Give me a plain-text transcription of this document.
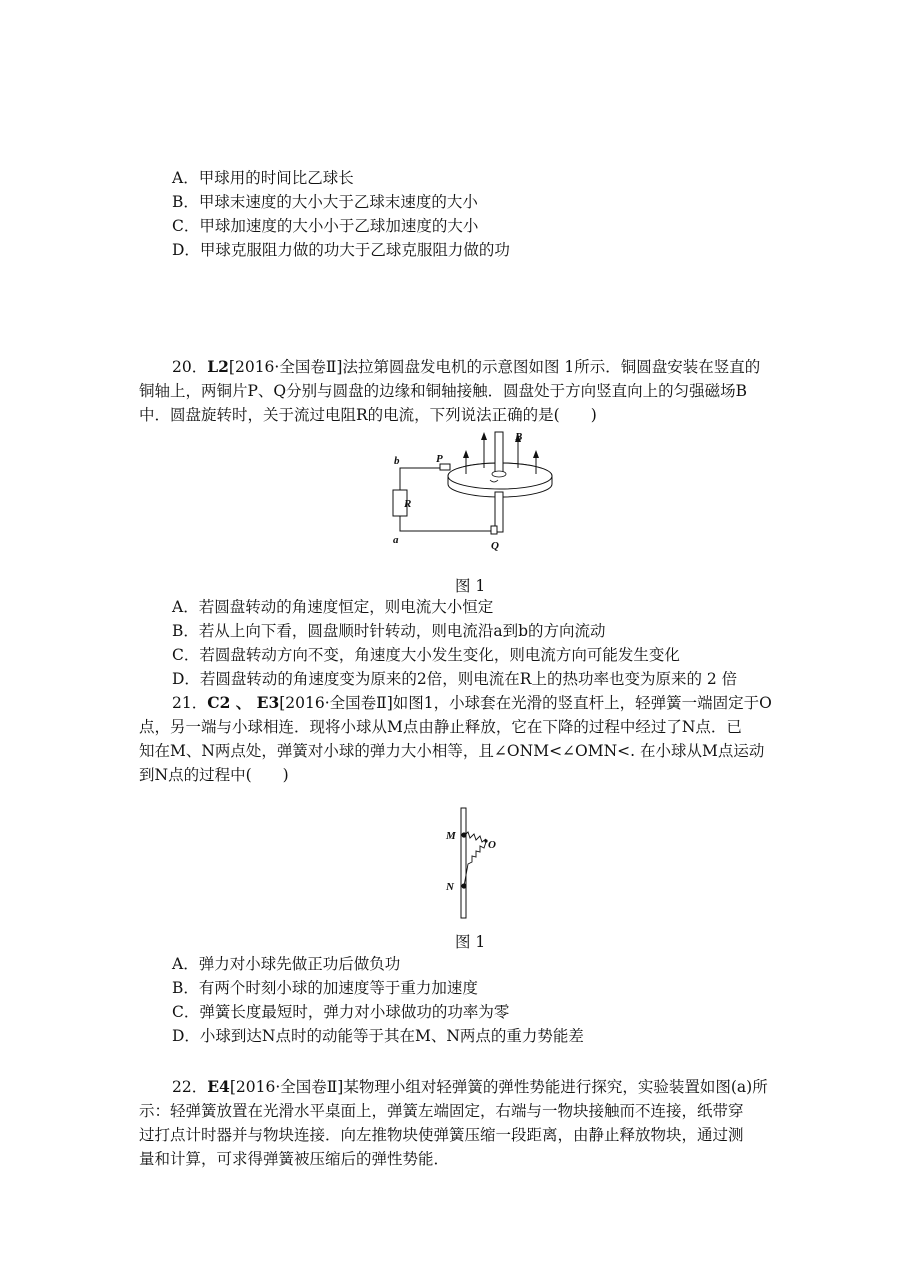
A．甲球用的时间比乙球长
B．甲球末速度的大小大于乙球末速度的大小
C．甲球加速度的大小小于乙球加速度的大小
D．甲球克服阻力做的功大于乙球克服阻力做的功
20．L2[2016·全国卷Ⅱ]法拉第圆盘发电机的示意图如图 1所示．铜圆盘安装在竖直的
铜轴上，两铜片P、Q分别与圆盘的边缘和铜轴接触．圆盘处于方向竖直向上的匀强磁场B
中．圆盘旋转时，关于流过电阻R的电流，下列说法正确的是(　　)
b	P
B
R
a	Q
图 1
A．若圆盘转动的角速度恒定，则电流大小恒定
B．若从上向下看，圆盘顺时针转动，则电流沿a到b的方向流动
C．若圆盘转动方向不变，角速度大小发生变化，则电流方向可能发生变化
D．若圆盘转动的角速度变为原来的2倍，则电流在R上的热功率也变为原来的 2 倍
21．C2 、 E3[2016·全国卷Ⅱ]如图1，小球套在光滑的竖直杆上，轻弹簧一端固定于O
点，另一端与小球相连．现将小球从M点由静止释放，它在下降的过程中经过了N点．已
知在M、N两点处，弹簧对小球的弹力大小相等，且∠ONM<∠OMN<. 在小球从M点运动
到N点的过程中(　　)
M
N
O
图 1
A．弹力对小球先做正功后做负功
B．有两个时刻小球的加速度等于重力加速度
C．弹簧长度最短时，弹力对小球做功的功率为零
D．小球到达N点时的动能等于其在M、N两点的重力势能差
22．E4[2016·全国卷Ⅱ]某物理小组对轻弹簧的弹性势能进行探究，实验装置如图(a)所
示：轻弹簧放置在光滑水平桌面上，弹簧左端固定，右端与一物块接触而不连接，纸带穿
过打点计时器并与物块连接．向左推物块使弹簧压缩一段距离，由静止释放物块，通过测
量和计算，可求得弹簧被压缩后的弹性势能．
